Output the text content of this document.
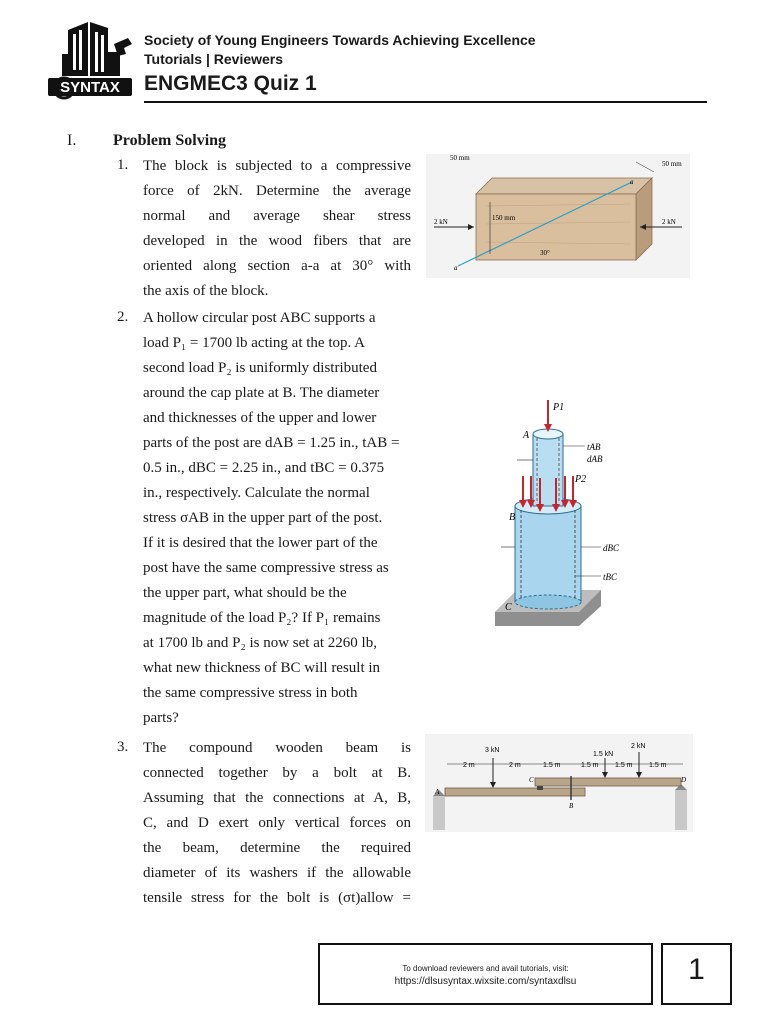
SYNTAX
Society of Young Engineers Towards Achieving Excellence
Tutorials | Reviewers
ENGMEC3 Quiz 1
I. Problem Solving
1. The block is subjected to a compressive
force of 2kN. Determine the average
normal and average shear stress
developed in the wood fibers that are
oriented along section a-a at 30° with
the axis of the block.
50 mm
50 mm
150 mm
30°
2 kN	2 kN
a
a
2. A hollow circular post ABC supports a
load P₁ = 1700 lb acting at the top. A
second load P₂ is uniformly distributed
around the cap plate at B. The diameter
and thicknesses of the upper and lower
parts of the post are dAB = 1.25 in., tAB =
0.5 in., dBC = 2.25 in., and tBC = 0.375
in., respectively. Calculate the normal
stress σAB in the upper part of the post.
If it is desired that the lower part of the
post have the same compressive stress as
the upper part, what should be the
magnitude of the load P₂? If P₁ remains
at 1700 lb and P₂ is now set at 2260 lb,
what new thickness of BC will result in
the same compressive stress in both
parts?
P1
P2
A
B
C
tAB
dAB
dBC
tBC
3. The compound wooden beam is
connected together by a bolt at B.
Assuming that the connections at A, B,
C, and D exert only vertical forces on
the beam, determine the required
diameter of its washers if the allowable
tensile stress for the bolt is (σt)allow =
3 kN
1.5 kN
2 kN
2 m	2 m	1.5 m	1.5 m 1.5 m 1.5 m
A
B
C	D
To download reviewers and avail tutorials, visit:
https://dlsusyntax.wixsite.com/syntaxdlsu	1
